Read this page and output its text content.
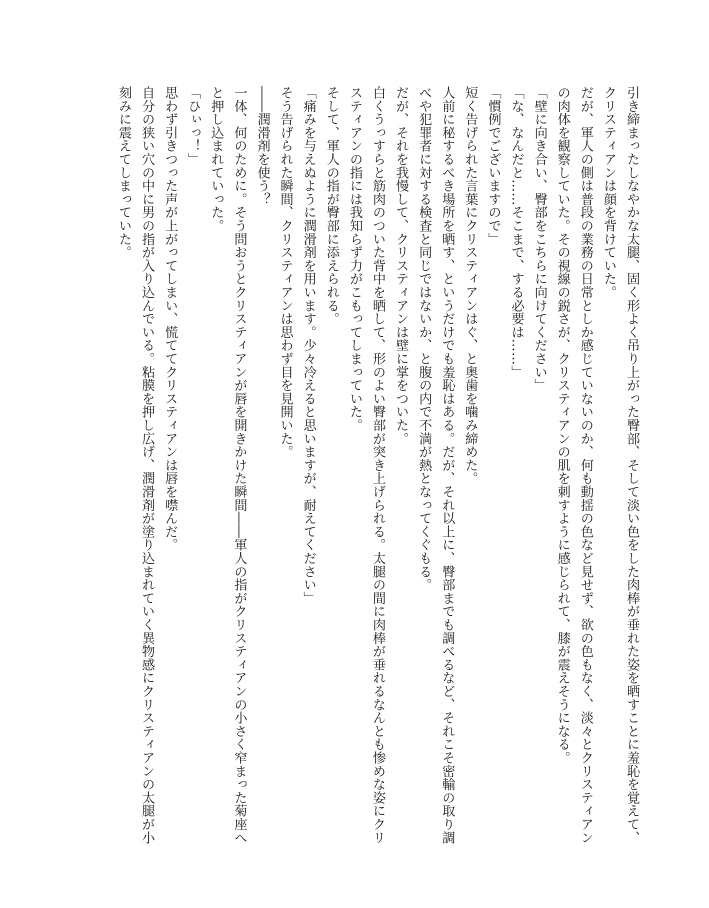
引き締まったしなやかな太腿、固く形よく吊り上がった臀部、そして淡い色をした肉棒が垂れた姿を晒すことに羞恥を覚えて、クリスティアンは顔を背けていた。

だが、軍人の側は普段の業務の日常としか感じていないのか、何も動揺の色など見せず、欲の色もなく、淡々とクリスティアンの肉体を観察していた。その視線の鋭さが、クリスティアンの肌を刺すように感じられて、膝が震えそうになる。

「壁に向き合い、臀部をこちらに向けてください」

「な、なんだと……そこまで、する必要は……」

「慣例でございますので」

短く告げられた言葉にクリスティアンはぐ、と奥歯を噛み締めた。

人前に秘するべき場所を晒す、というだけでも羞恥はある。だが、それ以上に、臀部までも調べるなど、それこそ密輸の取り調べや犯罪者に対する検査と同じではないか、と腹の内で不満が熱となってくぐもる。

だが、それを我慢して、クリスティアンは壁に掌をついた。

白くうっすらと筋肉のついた背中を晒して、形のよい臀部が突き上げられる。太腿の間に肉棒が垂れるなんとも惨めな姿にクリスティアンの指には我知らず力がこもってしまっていた。

そして、軍人の指が臀部に添えられる。

「痛みを与えぬように潤滑剤を用います。少々冷えると思いますが、耐えてください」

そう告げられた瞬間、クリスティアンは思わず目を見開いた。

――潤滑剤を使う？

一体、何のために。そう問おうとクリスティアンが唇を開きかけた瞬間――軍人の指がクリスティアンの小さく窄まった菊座へと押し込まれていった。

「ひぃっ！」

思わず引きつった声が上がってしまい、慌ててクリスティアンは唇を噤んだ。

自分の狭い穴の中に男の指が入り込んでいる。粘膜を押し広げ、潤滑剤が塗り込まれていく異物感にクリスティアンの太腿が小刻みに震えてしまっていた。
